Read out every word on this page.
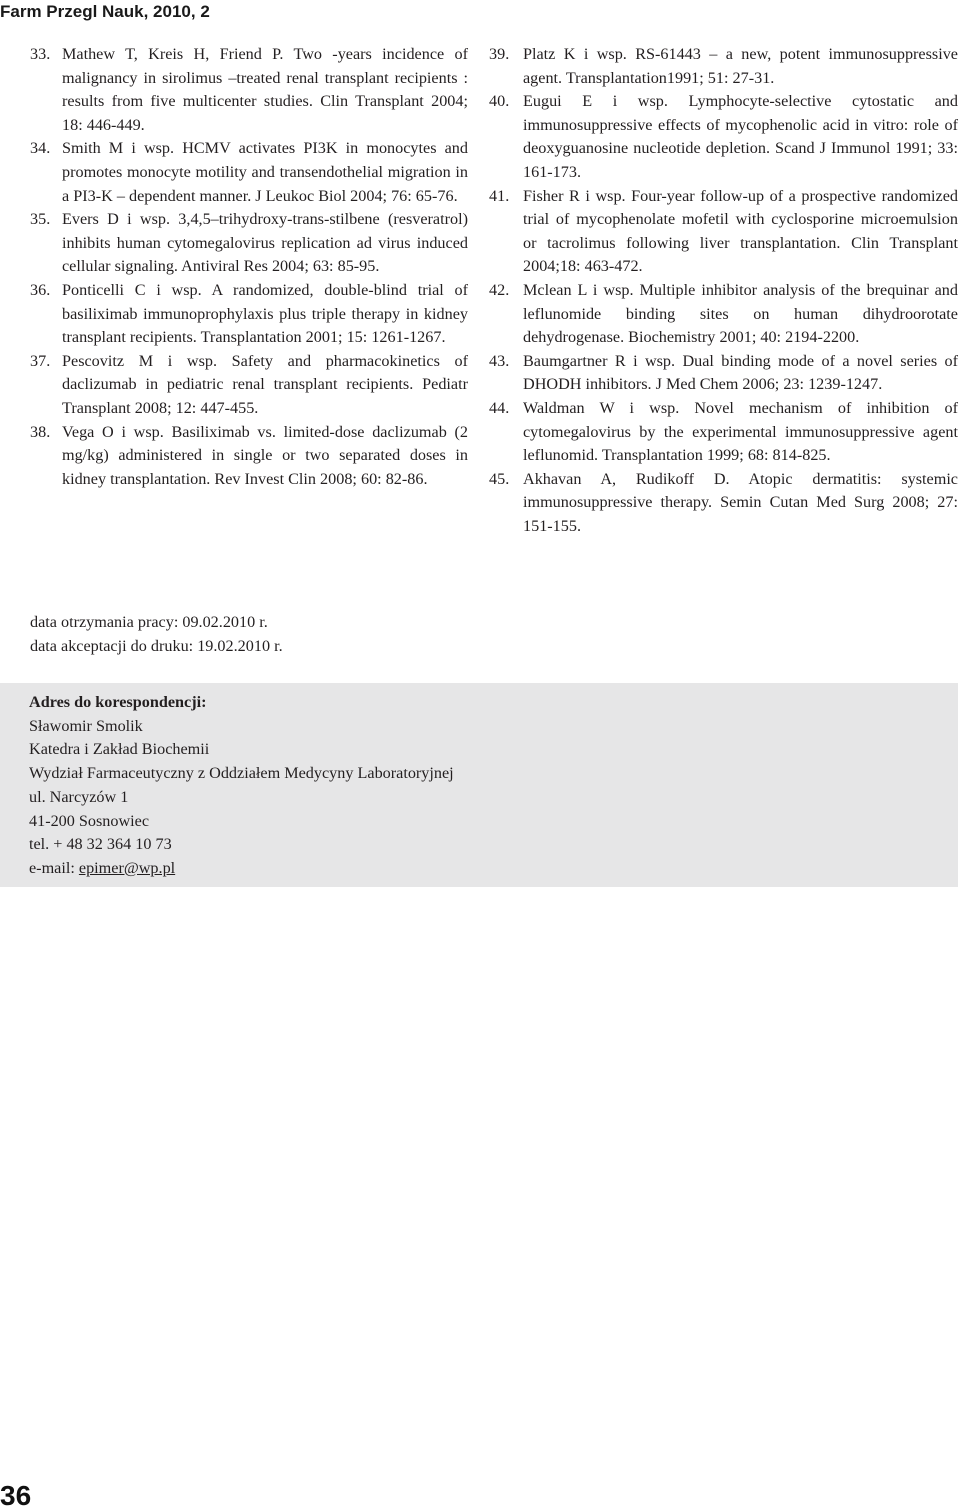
Farm Przegl Nauk, 2010, 2
33. Mathew T, Kreis H, Friend P. Two -years incidence of malignancy in sirolimus –treated renal transplant recipients : results from five multicenter studies. Clin Transplant 2004; 18: 446-449.
34. Smith M i wsp. HCMV activates PI3K in monocytes and promotes monocyte motility and transendothelial migration in a PI3-K – dependent manner. J Leukoc Biol 2004; 76: 65-76.
35. Evers D i wsp. 3,4,5–trihydroxy-trans-stilbene (resveratrol) inhibits human cytomegalovirus replication ad virus induced cellular signaling. Antiviral Res 2004; 63: 85-95.
36. Ponticelli C i wsp. A randomized, double-blind trial of basiliximab immunoprophylaxis plus triple therapy in kidney transplant recipients. Transplantation 2001; 15: 1261-1267.
37. Pescovitz M i wsp. Safety and pharmacokinetics of daclizumab in pediatric renal transplant recipients. Pediatr Transplant 2008; 12: 447-455.
38. Vega O i wsp. Basiliximab vs. limited-dose daclizumab (2 mg/kg) administered in single or two separated doses in kidney transplantation. Rev Invest Clin 2008; 60: 82-86.
39. Platz K i wsp. RS-61443 – a new, potent immunosuppressive agent. Transplantation1991; 51: 27-31.
40. Eugui E i wsp. Lymphocyte-selective cytostatic and immunosuppressive effects of mycophenolic acid in vitro: role of deoxyguanosine nucleotide depletion. Scand J Immunol 1991; 33: 161-173.
41. Fisher R i wsp. Four-year follow-up of a prospective randomized trial of mycophenolate mofetil with cyclosporine microemulsion or tacrolimus following liver transplantation. Clin Transplant 2004;18: 463-472.
42. Mclean L i wsp. Multiple inhibitor analysis of the brequinar and leflunomide binding sites on human dihydroorotate dehydrogenase. Biochemistry 2001; 40: 2194-2200.
43. Baumgartner R i wsp. Dual binding mode of a novel series of DHODH inhibitors. J Med Chem 2006; 23: 1239-1247.
44. Waldman W i wsp. Novel mechanism of inhibition of cytomegalovirus by the experimental immunosuppressive agent leflunomid. Transplantation 1999; 68: 814-825.
45. Akhavan A, Rudikoff D. Atopic dermatitis: systemic immunosuppressive therapy. Semin Cutan Med Surg 2008; 27: 151-155.
data otrzymania pracy: 09.02.2010 r.
data akceptacji do druku: 19.02.2010 r.
Adres do korespondencji:
Sławomir Smolik
Katedra i Zakład Biochemii
Wydział Farmaceutyczny z Oddziałem Medycyny Laboratoryjnej
ul. Narcyzów 1
41-200 Sosnowiec
tel. + 48 32 364 10 73
e-mail: epimer@wp.pl
36
